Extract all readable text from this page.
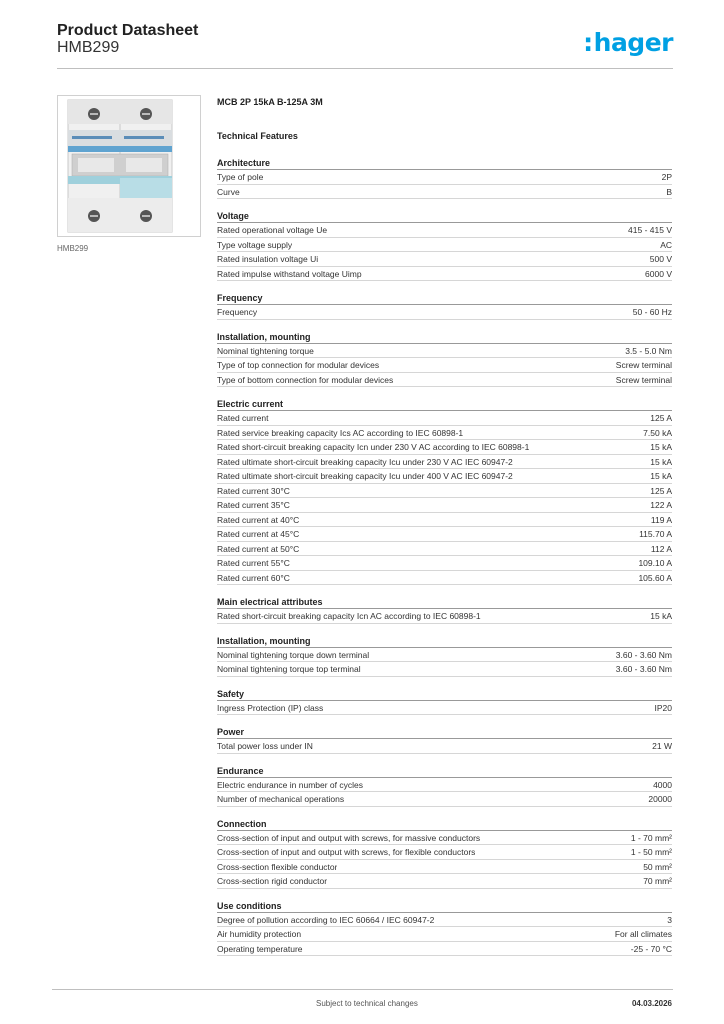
Product Datasheet
HMB299	:hager
HMB299
MCB 2P 15kA B-125A 3M
Technical Features
Architecture
Type of pole	2P
Curve	B
Voltage
Rated operational voltage Ue	415 - 415 V
Type voltage supply	AC
Rated insulation voltage Ui	500 V
Rated impulse withstand voltage Uimp	6000 V
Frequency
Frequency	50 - 60 Hz
Installation, mounting
Nominal tightening torque	3.5 - 5.0 Nm
Type of top connection for modular devices	Screw terminal
Type of bottom connection for modular devices	Screw terminal
Electric current
Rated current	125 A
Rated service breaking capacity Ics AC according to IEC 60898-1	7.50 kA
Rated short-circuit breaking capacity Icn under 230 V AC according to IEC 60898-1	15 kA
Rated ultimate short-circuit breaking capacity Icu under 230 V AC IEC 60947-2	15 kA
Rated ultimate short-circuit breaking capacity Icu under 400 V AC IEC 60947-2	15 kA
Rated current 30°C	125 A
Rated current 35°C	122 A
Rated current at 40°C	119 A
Rated current at 45°C	115.70 A
Rated current at 50°C	112 A
Rated current 55°C	109.10 A
Rated current 60°C	105.60 A
Main electrical attributes
Rated short-circuit breaking capacity Icn AC according to IEC 60898-1	15 kA
Installation, mounting
Nominal tightening torque down terminal	3.60 - 3.60 Nm
Nominal tightening torque top terminal	3.60 - 3.60 Nm
Safety
Ingress Protection (IP) class	IP20
Power
Total power loss under IN	21 W
Endurance
Electric endurance in number of cycles	4000
Number of mechanical operations	20000
Connection
Cross-section of input and output with screws, for massive conductors	1 - 70 mm²
Cross-section of input and output with screws, for flexible conductors	1 - 50 mm²
Cross-section flexible conductor	50 mm²
Cross-section rigid conductor	70 mm²
Use conditions
Degree of pollution according to IEC 60664 / IEC 60947-2	3
Air humidity protection	For all climates
Operating temperature	-25 - 70 °C
Subject to technical changes	04.03.2026
